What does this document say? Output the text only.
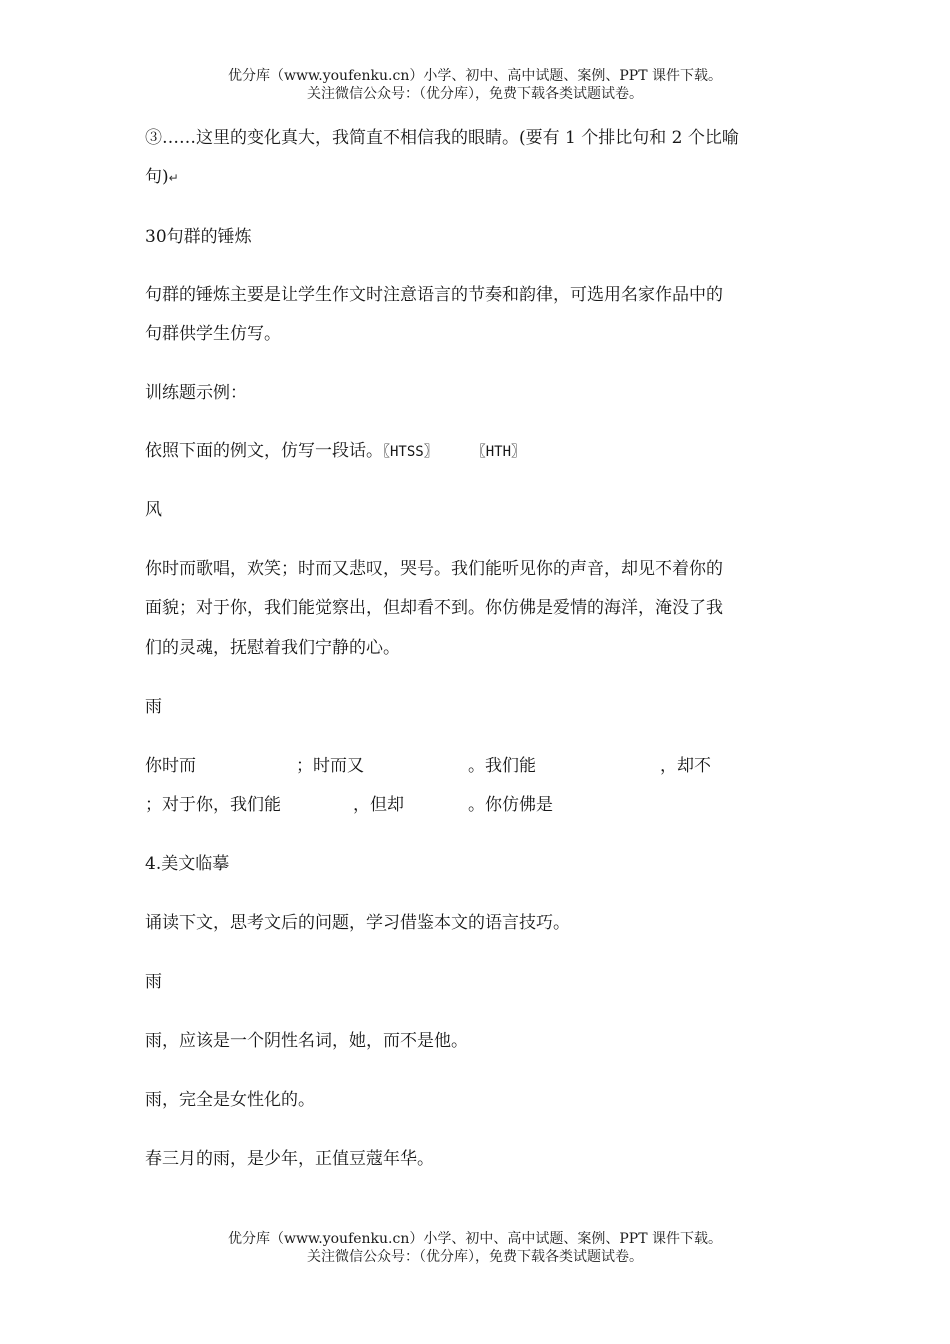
优分库（www.youfenku.cn）小学、初中、高中试题、案例、PPT 课件下载。
关注微信公众号：（优分库），免费下载各类试题试卷。
③……这里的变化真大，我简直不相信我的眼睛。(要有 1 个排比句和 2 个比喻
句)↵
30句群的锤炼
句群的锤炼主要是让学生作文时注意语言的节奏和韵律，可选用名家作品中的
句群供学生仿写。
训练题示例：
依照下面的例文，仿写一段话。〖HTSS〗 〖HTH〗
风
你时而歌唱，欢笑；时而又悲叹，哭号。我们能听见你的声音，却见不着你的
面貌；对于你，我们能觉察出，但却看不到。你仿佛是爱情的海洋，淹没了我
们的灵魂，抚慰着我们宁静的心。
雨
你时而	；时而又	。我们能	，却不
；对于你，我们能	，但却	。你仿佛是
4.美文临摹
诵读下文，思考文后的问题，学习借鉴本文的语言技巧。
雨
雨，应该是一个阴性名词，她，而不是他。
雨，完全是女性化的。
春三月的雨，是少年，正值豆蔻年华。
优分库（www.youfenku.cn）小学、初中、高中试题、案例、PPT 课件下载。
关注微信公众号：（优分库），免费下载各类试题试卷。
